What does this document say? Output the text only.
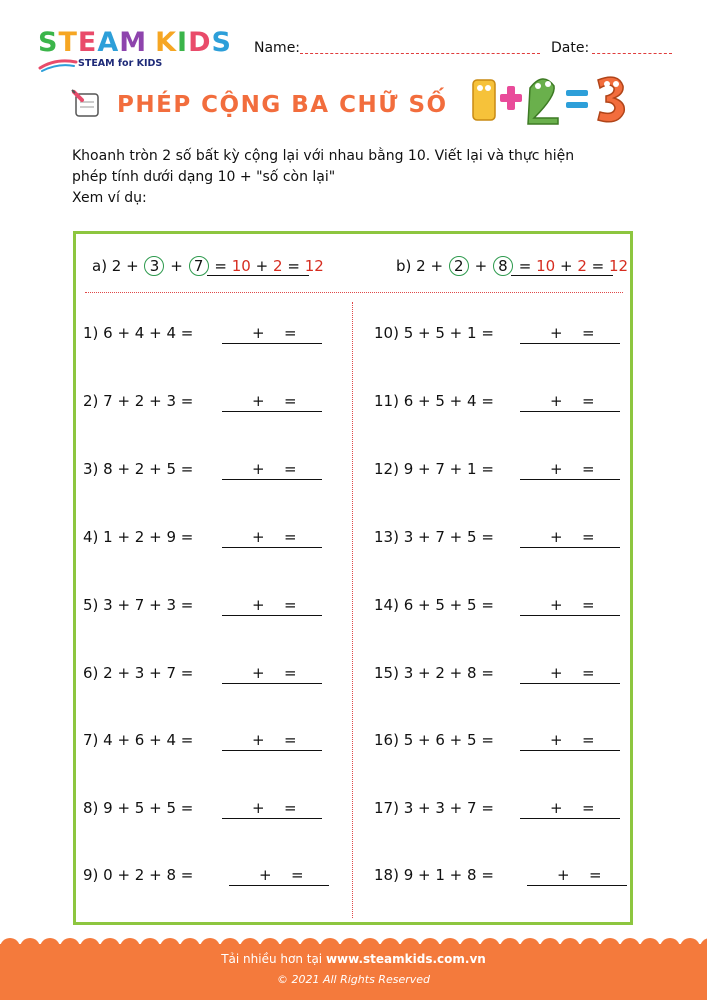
STEAM KIDS
STEAM for KIDS
Name:	Date:
PHÉP CỘNG BA CHỮ SỐ
Khoanh tròn 2 số bất kỳ cộng lại với nhau bằng 10. Viết lại và thực hiện
phép tính dưới dạng 10 + "số còn lại"
Xem ví dụ:
a) 2 + 3 + 7 = 10 + 2 = 12	b) 2 + 2 + 8 = 10 + 2 = 12
1) 6 + 4 + 4 =	+ =
2) 7 + 2 + 3 =	+ =
3) 8 + 2 + 5 =	+ =
4) 1 + 2 + 9 =	+ =
5) 3 + 7 + 3 =	+ =
6) 2 + 3 + 7 =	+ =
7) 4 + 6 + 4 =	+ =
8) 9 + 5 + 5 =	+ =
9) 0 + 2 + 8 =	+ =
10) 5 + 5 + 1 =	+ =
11) 6 + 5 + 4 =	+ =
12) 9 + 7 + 1 =	+ =
13) 3 + 7 + 5 =	+ =
14) 6 + 5 + 5 =	+ =
15) 3 + 2 + 8 =	+ =
16) 5 + 6 + 5 =	+ =
17) 3 + 3 + 7 =	+ =
18) 9 + 1 + 8 =	+ =
Tải nhiều hơn tại www.steamkids.com.vn
© 2021 All Rights Reserved
